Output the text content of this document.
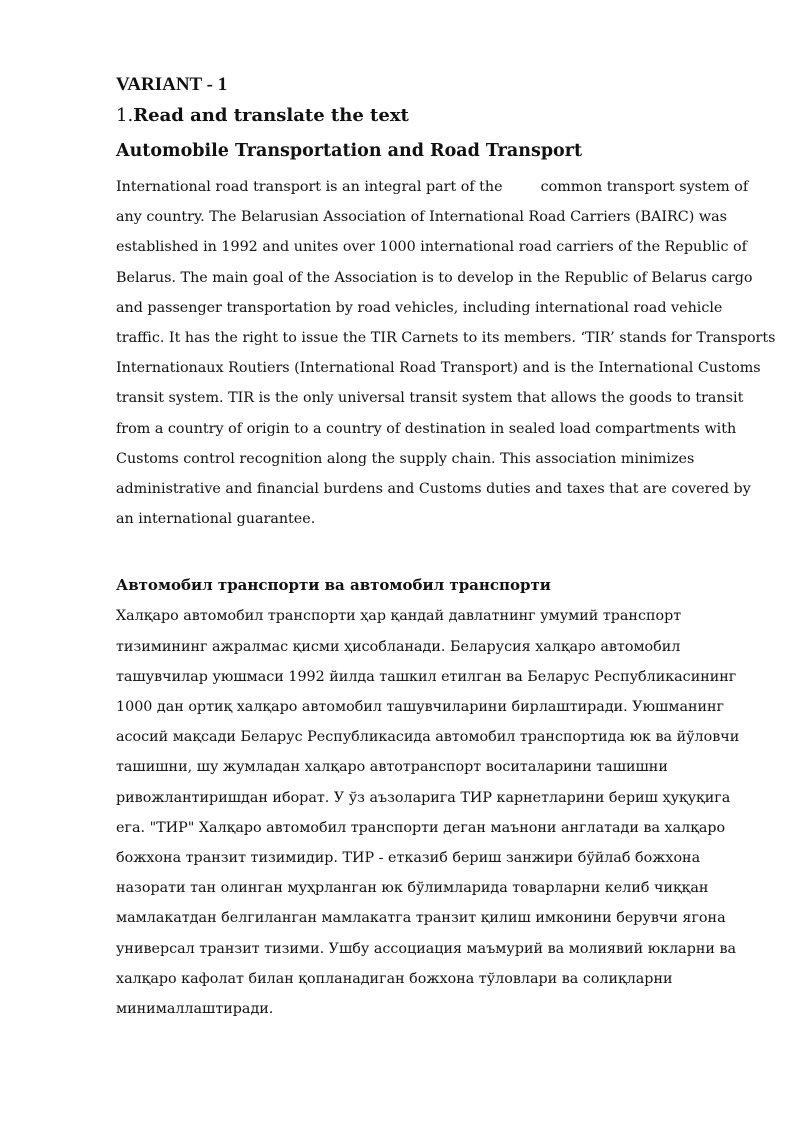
VARIANT - 1
1.Read and translate the text
Automobile Transportation and Road Transport
International road transport is an integral part of the	common transport system of
any country. The Belarusian Association of International Road Carriers (BAIRC) was
established in 1992 and unites over 1000 international road carriers of the Republic of
Belarus. The main goal of the Association is to develop in the Republic of Belarus cargo
and passenger transportation by road vehicles, including international road vehicle
traffic. It has the right to issue the TIR Carnets to its members. ‘TIR’ stands for Transports
Internationaux Routiers (International Road Transport) and is the International Customs
transit system. TIR is the only universal transit system that allows the goods to transit
from a country of origin to a country of destination in sealed load compartments with
Customs control recognition along the supply chain. This association minimizes
administrative and financial burdens and Customs duties and taxes that are covered by
an international guarantee.
Автомобил транспорти ва автомобил транспорти
Халқаро автомобил транспорти ҳар қандай давлатнинг умумий транспорт
тизимининг ажралмас қисми ҳисобланади. Беларусия халқаро автомобил
ташувчилар уюшмаси 1992 йилда ташкил етилган ва Беларус Республикасининг
1000 дан ортиқ халқаро автомобил ташувчиларини бирлаштиради. Уюшманинг
асосий мақсади Беларус Республикасида автомобил транспортида юк ва йўловчи
ташишни, шу жумладан халқаро автотранспорт воситаларини ташишни
ривожлантиришдан иборат. У ўз аъзоларига ТИР карнетларини бериш ҳуқуқига
ега. "ТИР" Халқаро автомобил транспорти деган маънони англатади ва халқаро
божхона транзит тизимидир. ТИР - етказиб бериш занжири бўйлаб божхона
назорати тан олинган муҳрланган юк бўлимларида товарларни келиб чиққан
мамлакатдан белгиланган мамлакатга транзит қилиш имконини берувчи ягона
универсал транзит тизими. Ушбу ассоциация маъмурий ва молиявий юкларни ва
халқаро кафолат билан қопланадиган божхона тўловлари ва солиқларни
минималлаштиради.
